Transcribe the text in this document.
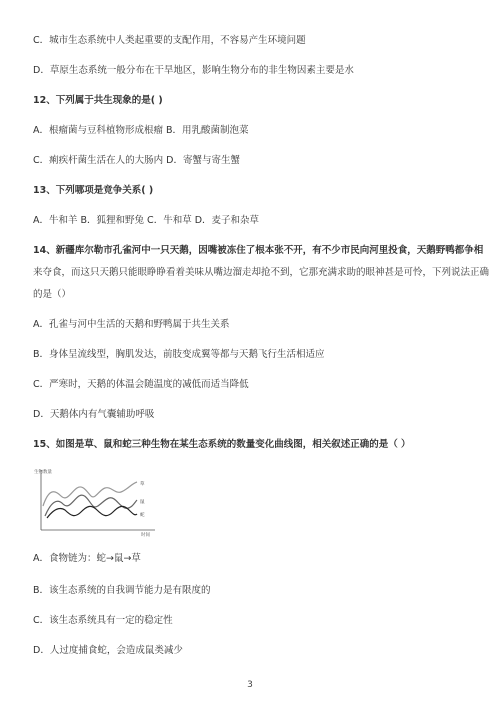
C．城市生态系统中人类起重要的支配作用，不容易产生环境问题
D．草原生态系统一般分布在干旱地区，影响生物分布的非生物因素主要是水
12、下列属于共生现象的是( )
A．根瘤菌与豆科植物形成根瘤 B．用乳酸菌制泡菜
C．痢疾杆菌生活在人的大肠内 D．寄蟹与寄生蟹
13、下列哪项是竞争关系( )
A．牛和羊 B．狐狸和野兔 C．牛和草 D．麦子和杂草
14、新疆库尔勒市孔雀河中一只天鹅，因嘴被冻住了根本张不开，有不少市民向河里投食，天鹅野鸭都争相
来夺食，而这只天鹅只能眼睁睁看着美味从嘴边溜走却抢不到，它那充满求助的眼神甚是可怜，下列说法正确
的是（）
A．孔雀与河中生活的天鹅和野鸭属于共生关系
B．身体呈流线型，胸肌发达，前肢变成翼等都与天鹅飞行生活相适应
C．严寒时，天鹅的体温会随温度的减低而适当降低
D．天鹅体内有气囊辅助呼吸
15、如图是草、鼠和蛇三种生物在某生态系统的数量变化曲线图，相关叙述正确的是（ ）
A．食物链为：蛇→鼠→草
B．该生态系统的自我调节能力是有限度的
C．该生态系统具有一定的稳定性
D．人过度捕食蛇，会造成鼠类减少
生物数量
时间
草
鼠
蛇
3
